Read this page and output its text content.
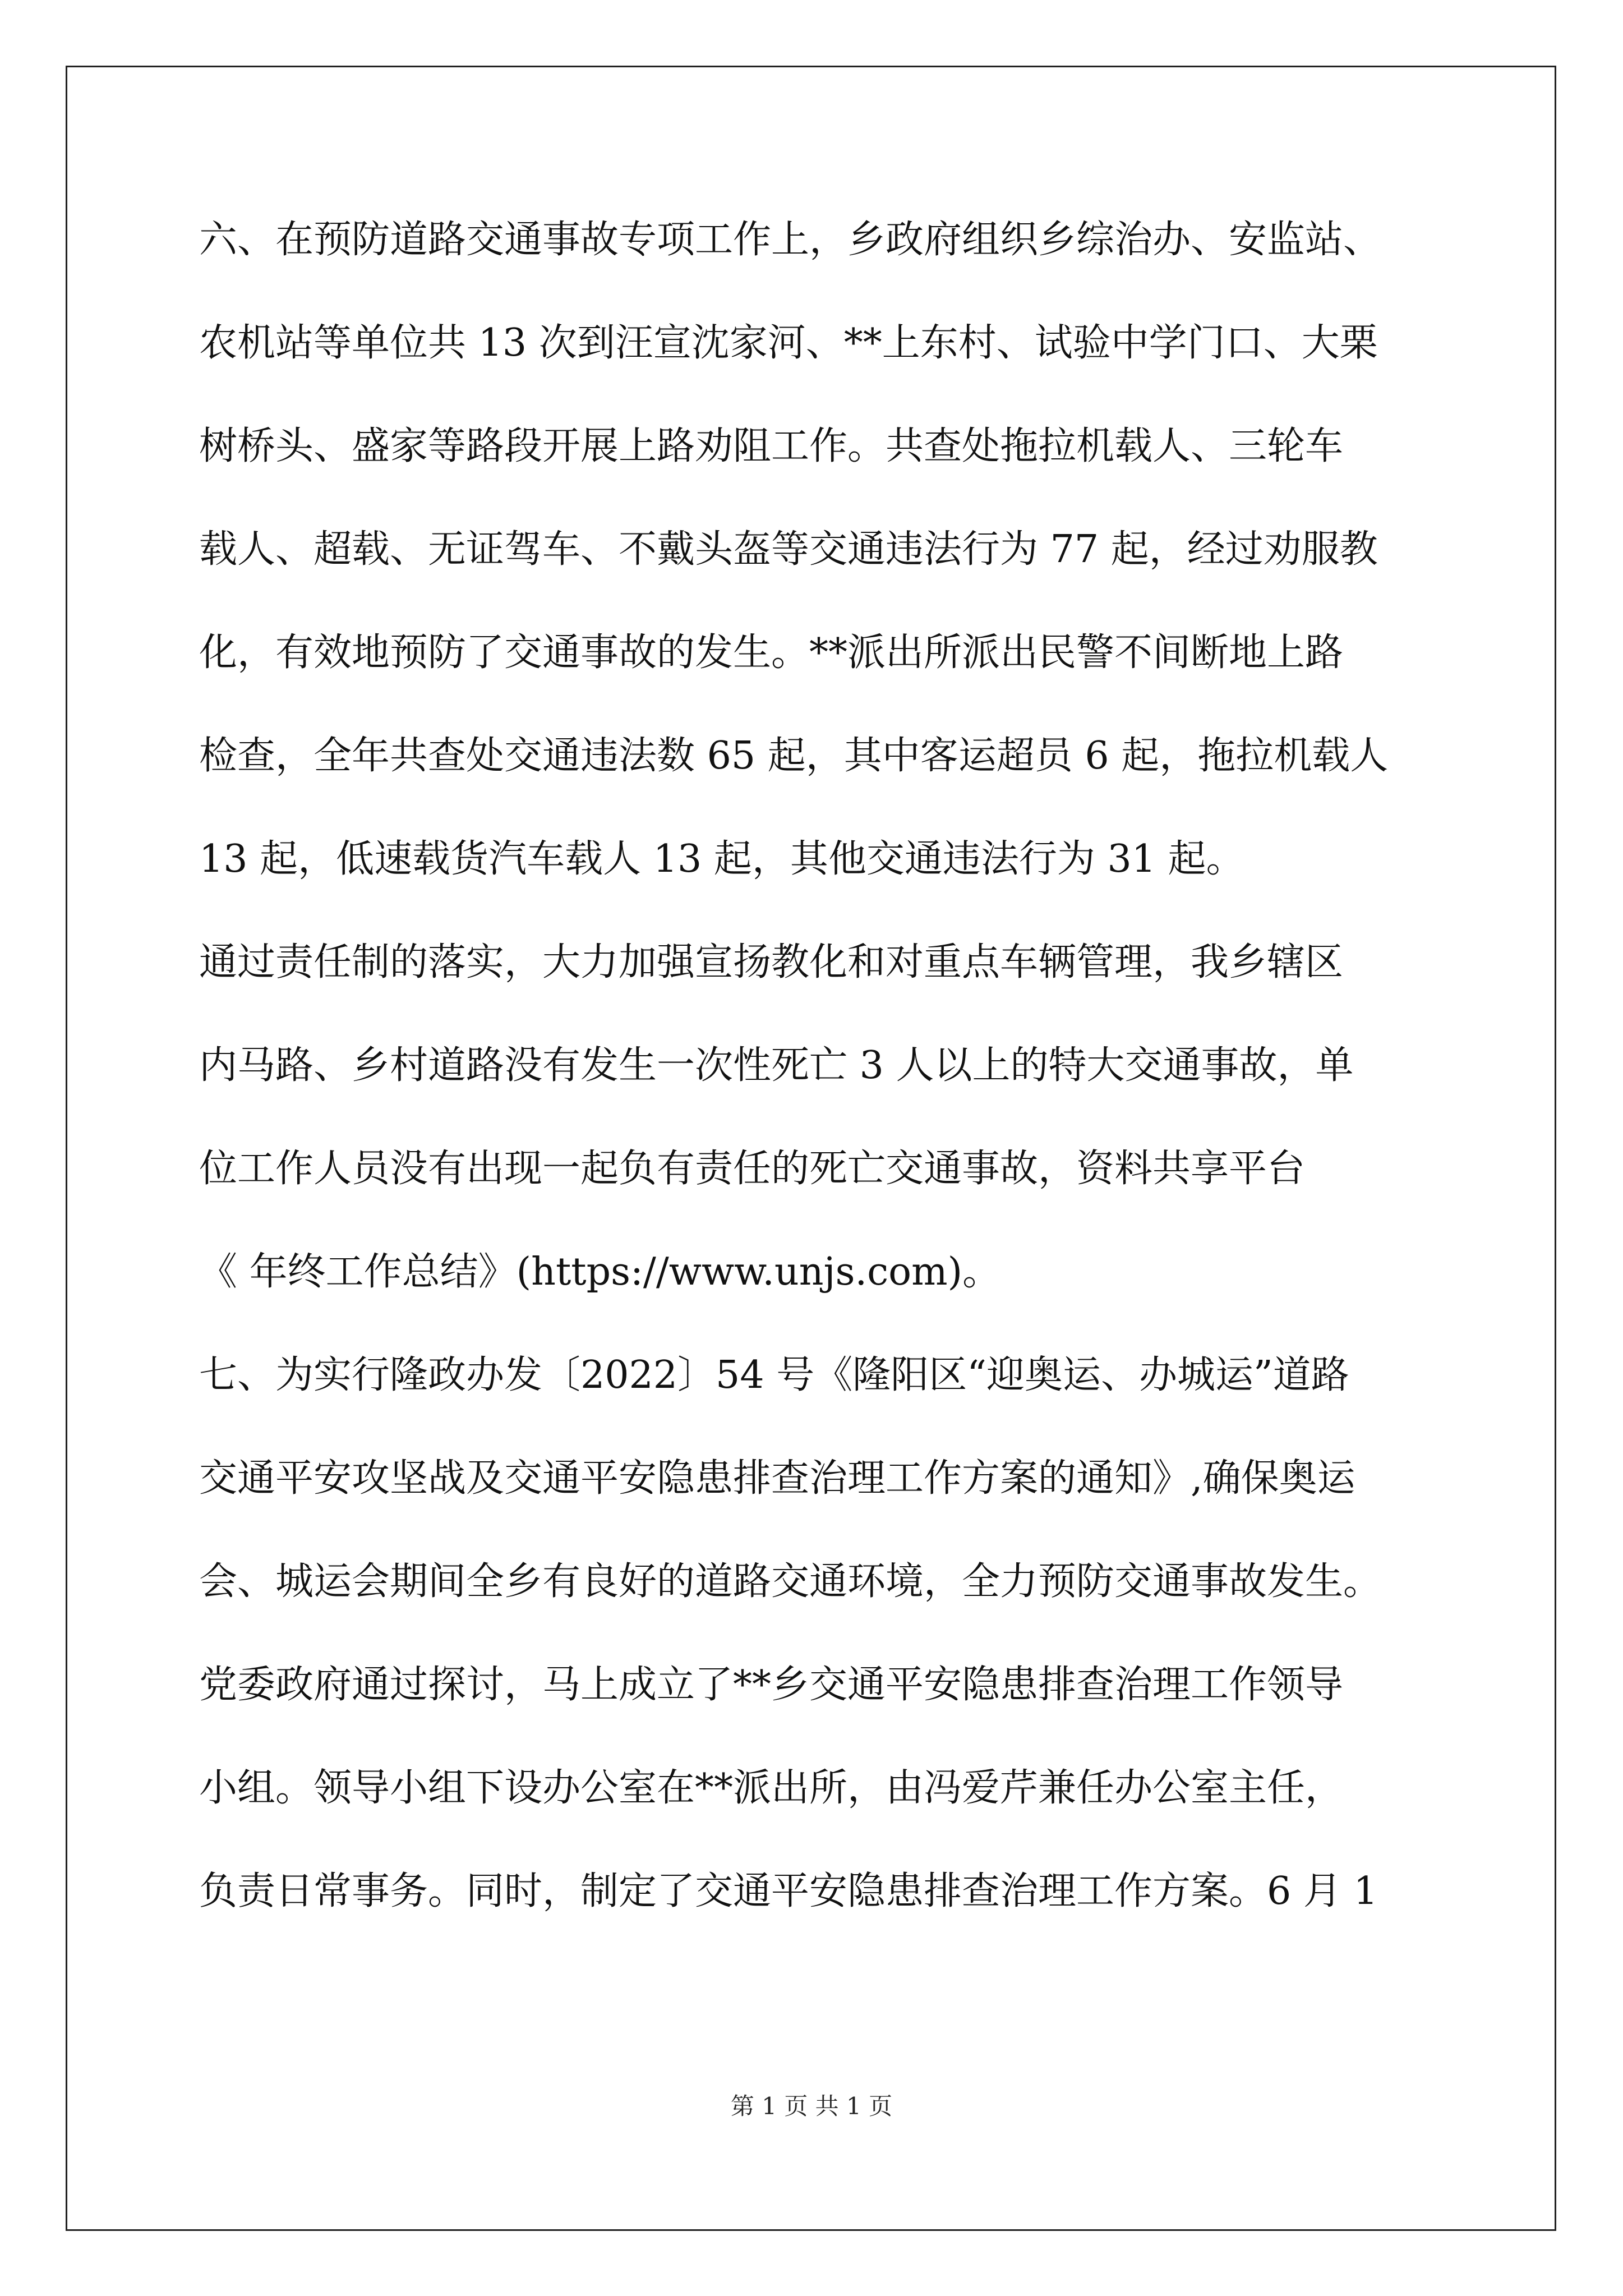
六、在预防道路交通事故专项工作上，乡政府组织乡综治办、安监站、
农机站等单位共 13 次到汪宣沈家河、**上东村、试验中学门口、大栗
树桥头、盛家等路段开展上路劝阻工作。共查处拖拉机载人、三轮车
载人、超载、无证驾车、不戴头盔等交通违法行为 77 起，经过劝服教
化，有效地预防了交通事故的发生。**派出所派出民警不间断地上路
检查，全年共查处交通违法数 65 起，其中客运超员 6 起，拖拉机载人
13 起，低速载货汽车载人 13 起，其他交通违法行为 31 起。
通过责任制的落实，大力加强宣扬教化和对重点车辆管理，我乡辖区
内马路、乡村道路没有发生一次性死亡 3 人以上的特大交通事故，单
位工作人员没有出现一起负有责任的死亡交通事故，资料共享平台
《 年终工作总结》(https://www.unjs.com)。
七、为实行隆政办发〔2022〕54 号《隆阳区“迎奥运、办城运”道路
交通平安攻坚战及交通平安隐患排查治理工作方案的通知》,确保奥运
会、城运会期间全乡有良好的道路交通环境，全力预防交通事故发生。
党委政府通过探讨，马上成立了**乡交通平安隐患排查治理工作领导
小组。领导小组下设办公室在**派出所，由冯爱芹兼任办公室主任，
负责日常事务。同时，制定了交通平安隐患排查治理工作方案。6 月 1
第 1 页 共 1 页
